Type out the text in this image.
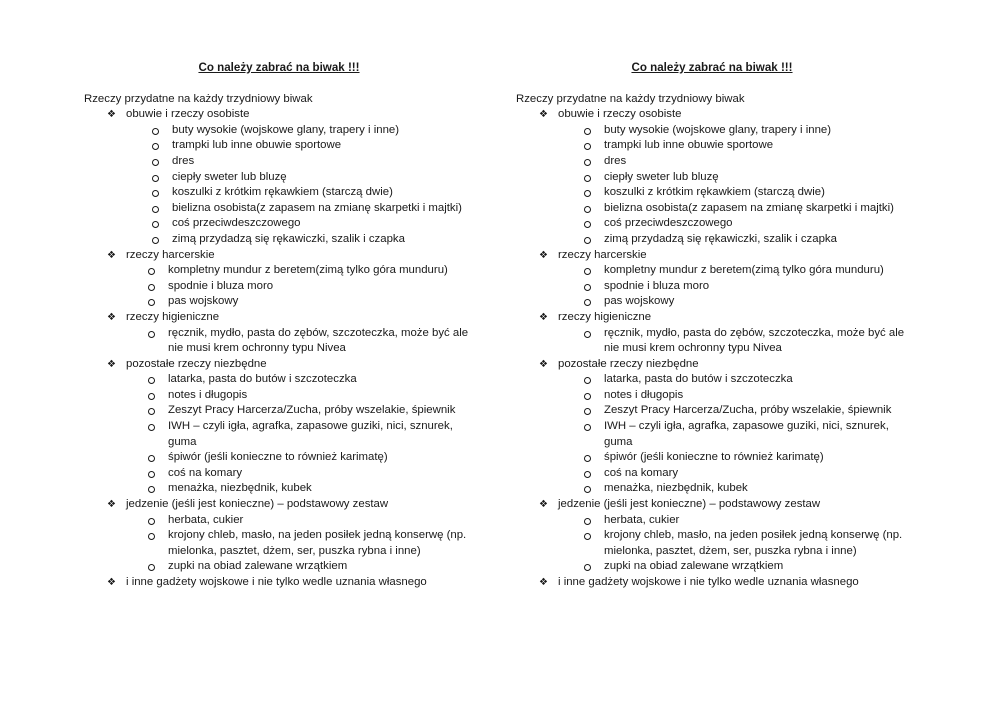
Co należy zabrać na biwak !!!
Rzeczy przydatne na każdy trzydniowy biwak
❖ obuwie i rzeczy osobiste
buty wysokie (wojskowe glany, trapery i inne)
trampki lub inne obuwie sportowe
dres
ciepły sweter lub bluzę
koszulki z krótkim rękawkiem (starczą dwie)
bielizna osobista(z zapasem na zmianę skarpetki i majtki)
coś przeciwdeszczowego
zimą przydadzą się rękawiczki, szalik i czapka
❖ rzeczy harcerskie
kompletny mundur z beretem(zimą tylko góra munduru)
spodnie i bluza moro
pas wojskowy
❖ rzeczy higieniczne
ręcznik, mydło, pasta do zębów, szczoteczka, może być ale nie musi krem ochronny typu Nivea
❖ pozostałe rzeczy niezbędne
latarka, pasta do butów i szczoteczka
notes i długopis
Zeszyt Pracy Harcerza/Zucha, próby wszelakie, śpiewnik
IWH – czyli igła, agrafka, zapasowe guziki, nici, sznurek, guma
śpiwór (jeśli konieczne to również karimatę)
coś na komary
menażka, niezbędnik, kubek
❖ jedzenie (jeśli jest konieczne) – podstawowy zestaw
herbata, cukier
krojony chleb, masło, na jeden posiłek jedną konserwę (np. mielonka, pasztet, dżem, ser, puszka rybna i inne)
zupki na obiad zalewane wrzątkiem
❖ i inne gadżety wojskowe i nie tylko wedle uznania własnego
Co należy zabrać na biwak !!!
Rzeczy przydatne na każdy trzydniowy biwak
❖ obuwie i rzeczy osobiste
buty wysokie (wojskowe glany, trapery i inne)
trampki lub inne obuwie sportowe
dres
ciepły sweter lub bluzę
koszulki z krótkim rękawkiem (starczą dwie)
bielizna osobista(z zapasem na zmianę skarpetki i majtki)
coś przeciwdeszczowego
zimą przydadzą się rękawiczki, szalik i czapka
❖ rzeczy harcerskie
kompletny mundur z beretem(zimą tylko góra munduru)
spodnie i bluza moro
pas wojskowy
❖ rzeczy higieniczne
ręcznik, mydło, pasta do zębów, szczoteczka, może być ale nie musi krem ochronny typu Nivea
❖ pozostałe rzeczy niezbędne
latarka, pasta do butów i szczoteczka
notes i długopis
Zeszyt Pracy Harcerza/Zucha, próby wszelakie, śpiewnik
IWH – czyli igła, agrafka, zapasowe guziki, nici, sznurek, guma
śpiwór (jeśli konieczne to również karimatę)
coś na komary
menażka, niezbędnik, kubek
❖ jedzenie (jeśli jest konieczne) – podstawowy zestaw
herbata, cukier
krojony chleb, masło, na jeden posiłek jedną konserwę (np. mielonka, pasztet, dżem, ser, puszka rybna i inne)
zupki na obiad zalewane wrzątkiem
❖ i inne gadżety wojskowe i nie tylko wedle uznania własnego
